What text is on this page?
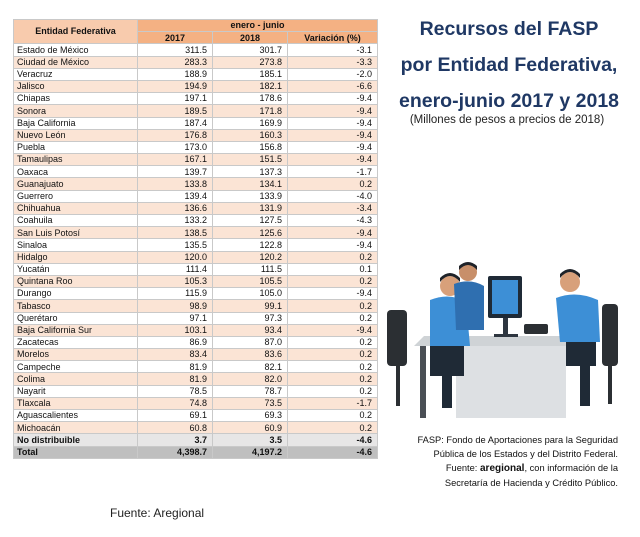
Entidad Federativa	enero - junio		
	2017	2018	Variación (%)
Estado de México	311.5	301.7	-3.1
Ciudad de México	283.3	273.8	-3.3
Veracruz	188.9	185.1	-2.0
Jalisco	194.9	182.1	-6.6
Chiapas	197.1	178.6	-9.4
Sonora	189.5	171.8	-9.4
Baja California	187.4	169.9	-9.4
Nuevo León	176.8	160.3	-9.4
Puebla	173.0	156.8	-9.4
Tamaulipas	167.1	151.5	-9.4
Oaxaca	139.7	137.3	-1.7
Guanajuato	133.8	134.1	0.2
Guerrero	139.4	133.9	-4.0
Chihuahua	136.6	131.9	-3.4
Coahuila	133.2	127.5	-4.3
San Luis Potosí	138.5	125.6	-9.4
Sinaloa	135.5	122.8	-9.4
Hidalgo	120.0	120.2	0.2
Yucatán	111.4	111.5	0.1
Quintana Roo	105.3	105.5	0.2
Durango	115.9	105.0	-9.4
Tabasco	98.9	99.1	0.2
Querétaro	97.1	97.3	0.2
Baja California Sur	103.1	93.4	-9.4
Zacatecas	86.9	87.0	0.2
Morelos	83.4	83.6	0.2
Campeche	81.9	82.1	0.2
Colima	81.9	82.0	0.2
Nayarit	78.5	78.7	0.2
Tlaxcala	74.8	73.5	-1.7
Aguascalientes	69.1	69.3	0.2
Michoacán	60.8	60.9	0.2
No distribuible	3.7	3.5	-4.6
Total	4,398.7	4,197.2	-4.6
Recursos del FASP
por Entidad Federativa,
enero-junio 2017 y 2018
(Millones de pesos a precios de 2018)
FASP: Fondo de Aportaciones para la Seguridad
Pública de los Estados y del Distrito Federal.
Fuente: aregional, con información de la
Secretaría de Hacienda y Crédito Público.
Fuente: Aregional
